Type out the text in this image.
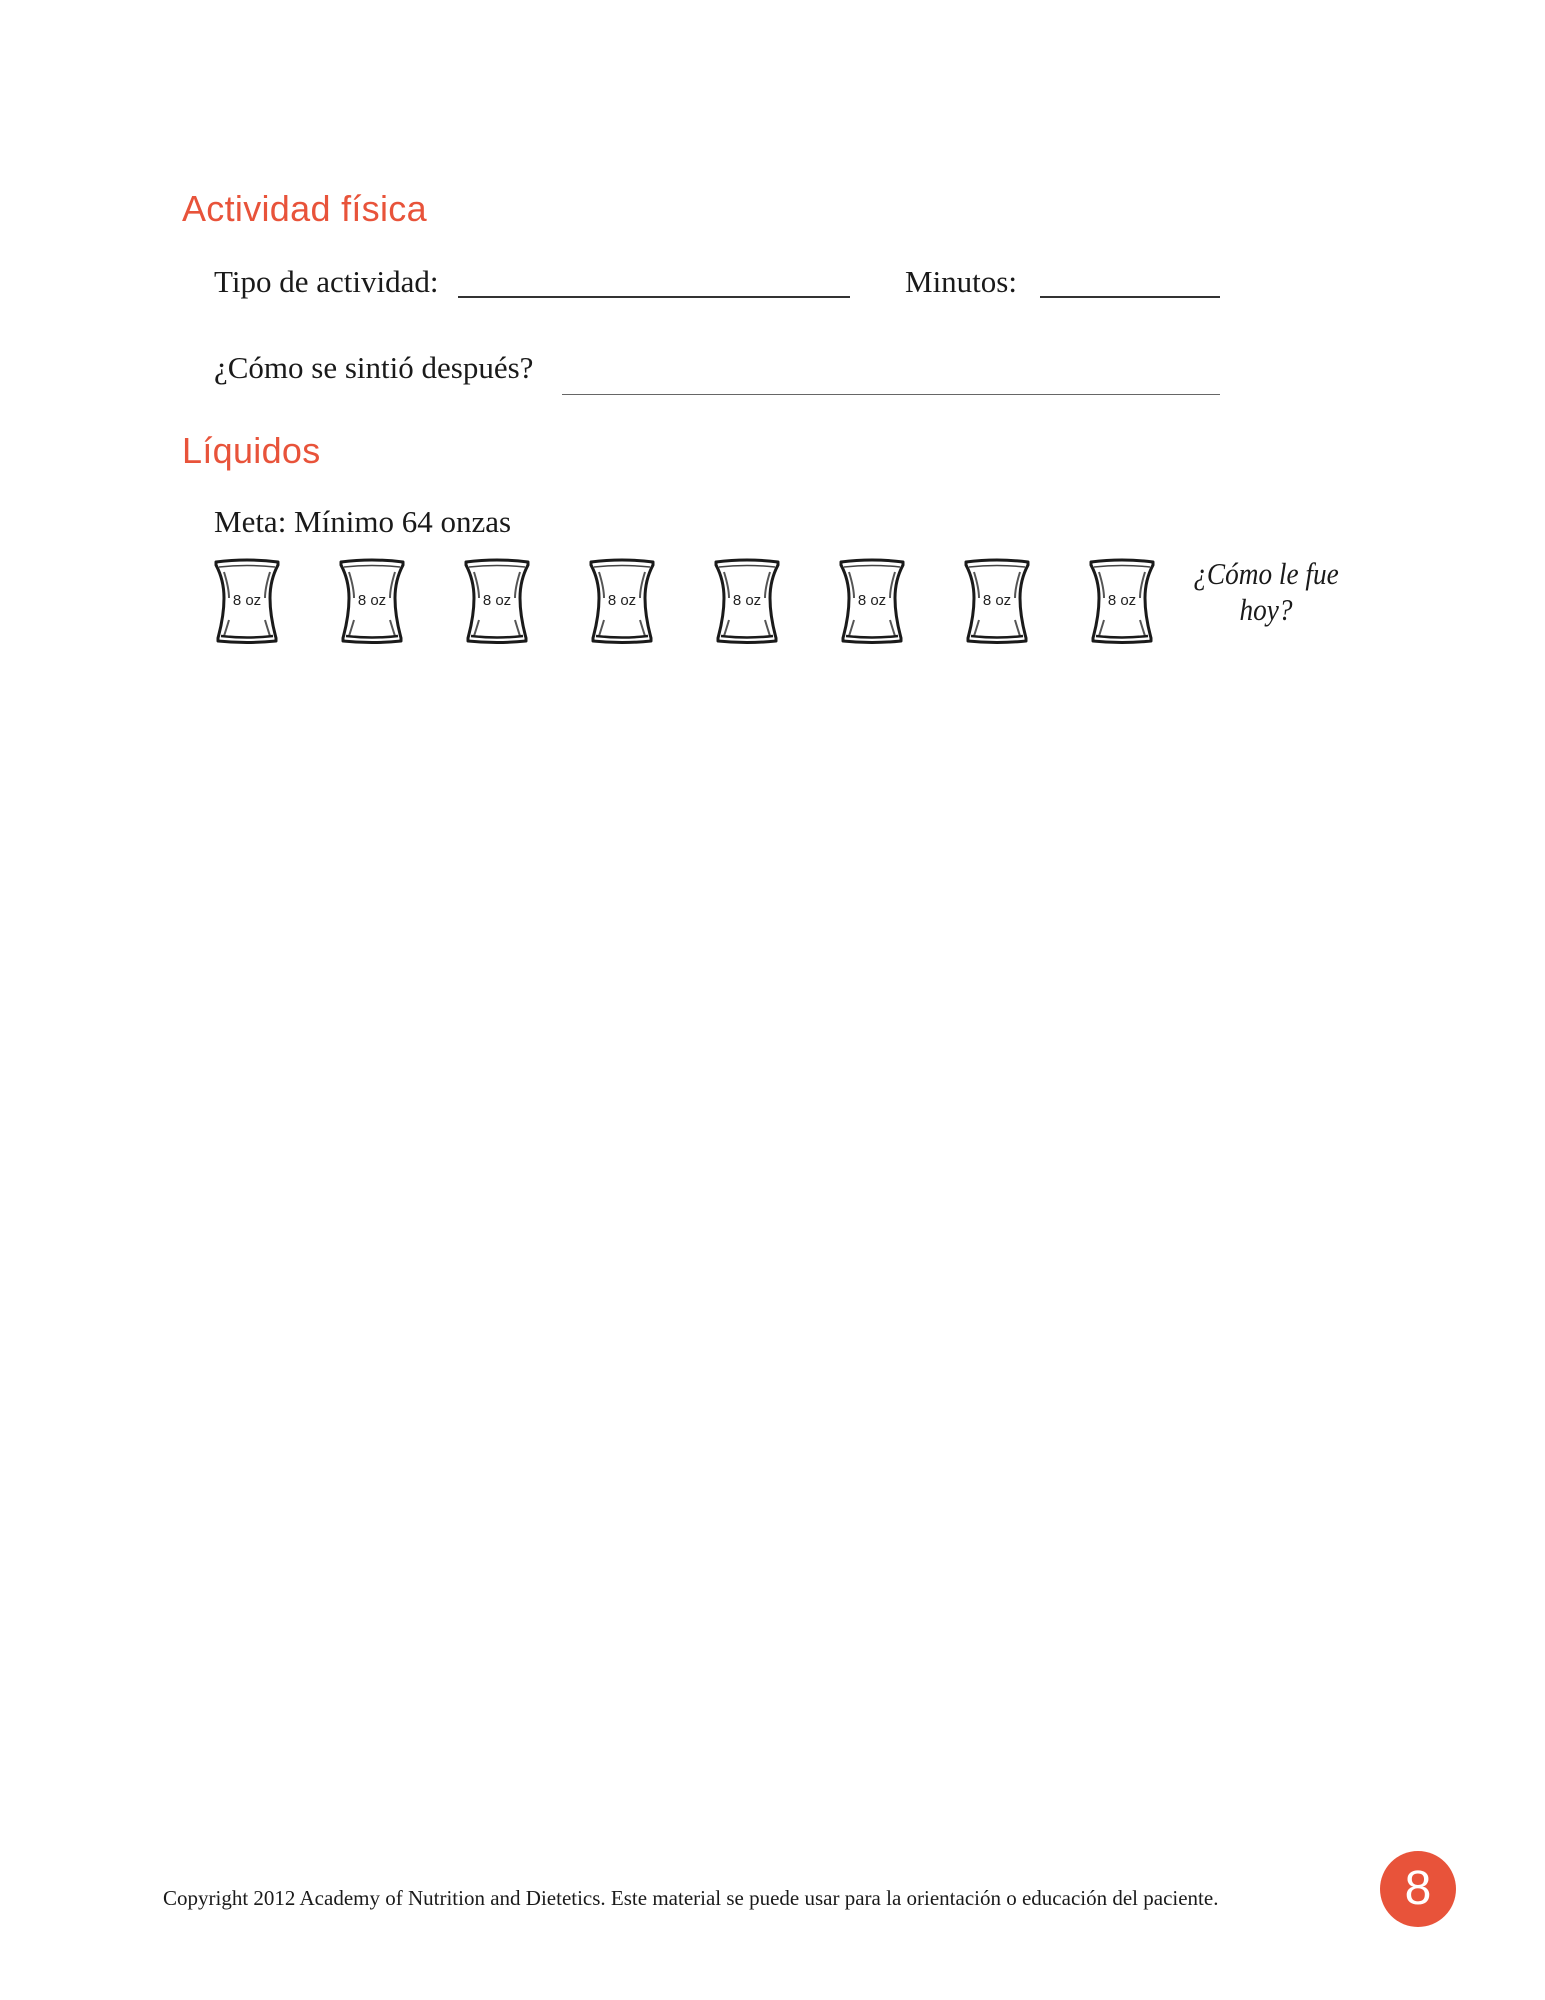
Actividad física
Tipo de actividad:	Minutos:
¿Cómo se sintió después?
Líquidos
Meta: Mínimo 64 onzas
8 oz	8 oz	8 oz	8 oz	8 oz	8 oz	8 oz	8 oz
¿Cómo le fue hoy?
Copyright 2012 Academy of Nutrition and Dietetics. Este material se puede usar para la orientación o educación del paciente.	8
